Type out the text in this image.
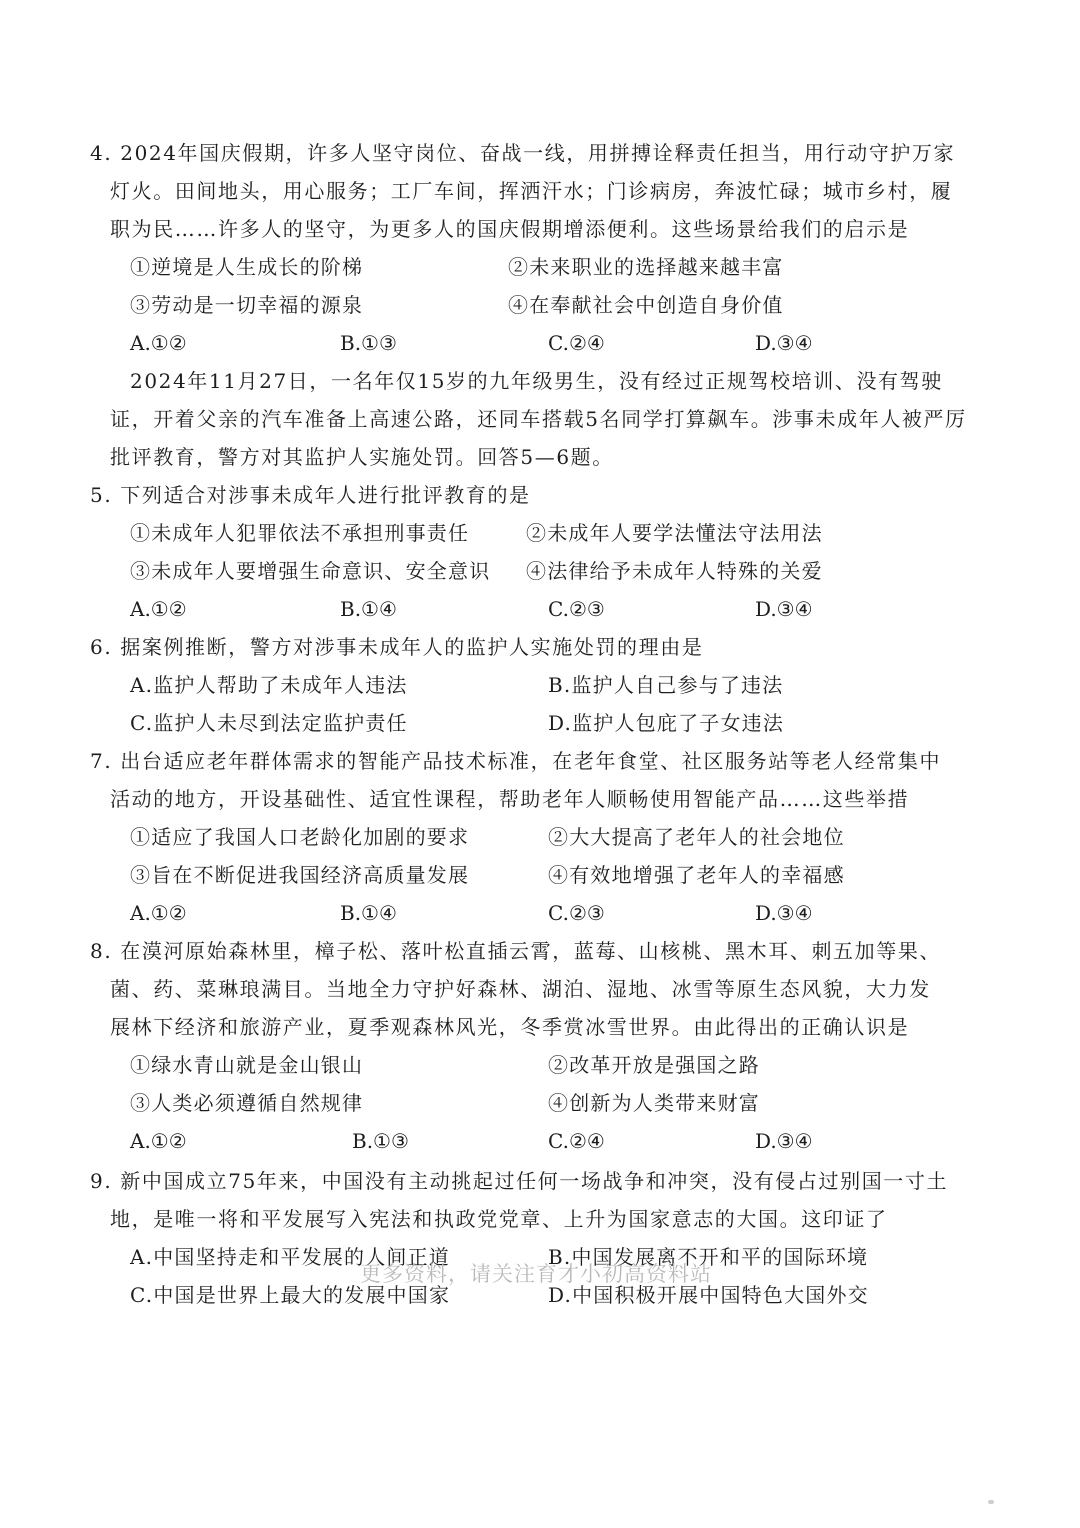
4. 2024年国庆假期，许多人坚守岗位、奋战一线，用拼搏诠释责任担当，用行动守护万家
灯火。田间地头，用心服务；工厂车间，挥洒汗水；门诊病房，奔波忙碌；城市乡村，履
职为民……许多人的坚守，为更多人的国庆假期增添便利。这些场景给我们的启示是
①逆境是人生成长的阶梯	②未来职业的选择越来越丰富
③劳动是一切幸福的源泉	④在奉献社会中创造自身价值
A.①②	B.①③	C.②④	D.③④
2024年11月27日，一名年仅15岁的九年级男生，没有经过正规驾校培训、没有驾驶
证，开着父亲的汽车准备上高速公路，还同车搭载5名同学打算飙车。涉事未成年人被严厉
批评教育，警方对其监护人实施处罚。回答5—6题。
5. 下列适合对涉事未成年人进行批评教育的是
①未成年人犯罪依法不承担刑事责任	②未成年人要学法懂法守法用法
③未成年人要增强生命意识、安全意识 ④法律给予未成年人特殊的关爱
A.①②	B.①④	C.②③	D.③④
6. 据案例推断，警方对涉事未成年人的监护人实施处罚的理由是
A.监护人帮助了未成年人违法	B.监护人自己参与了违法
C.监护人未尽到法定监护责任	D.监护人包庇了子女违法
7. 出台适应老年群体需求的智能产品技术标准，在老年食堂、社区服务站等老人经常集中
活动的地方，开设基础性、适宜性课程，帮助老年人顺畅使用智能产品……这些举措
①适应了我国人口老龄化加剧的要求	②大大提高了老年人的社会地位
③旨在不断促进我国经济高质量发展	④有效地增强了老年人的幸福感
A.①②	B.①④	C.②③	D.③④
8. 在漠河原始森林里，樟子松、落叶松直插云霄，蓝莓、山核桃、黑木耳、刺五加等果、
菌、药、菜琳琅满目。当地全力守护好森林、湖泊、湿地、冰雪等原生态风貌，大力发
展林下经济和旅游产业，夏季观森林风光，冬季赏冰雪世界。由此得出的正确认识是
①绿水青山就是金山银山	②改革开放是强国之路
③人类必须遵循自然规律	④创新为人类带来财富
A.①②	B.①③	C.②④	D.③④
9. 新中国成立75年来，中国没有主动挑起过任何一场战争和冲突，没有侵占过别国一寸土
地，是唯一将和平发展写入宪法和执政党党章、上升为国家意志的大国。这印证了
A.中国坚持走和平发展的人间正道	B.中国发展离不开和平的国际环境
C.中国是世界上最大的发展中国家	D.中国积极开展中国特色大国外交
更多资料，请关注育才小初高资料站
